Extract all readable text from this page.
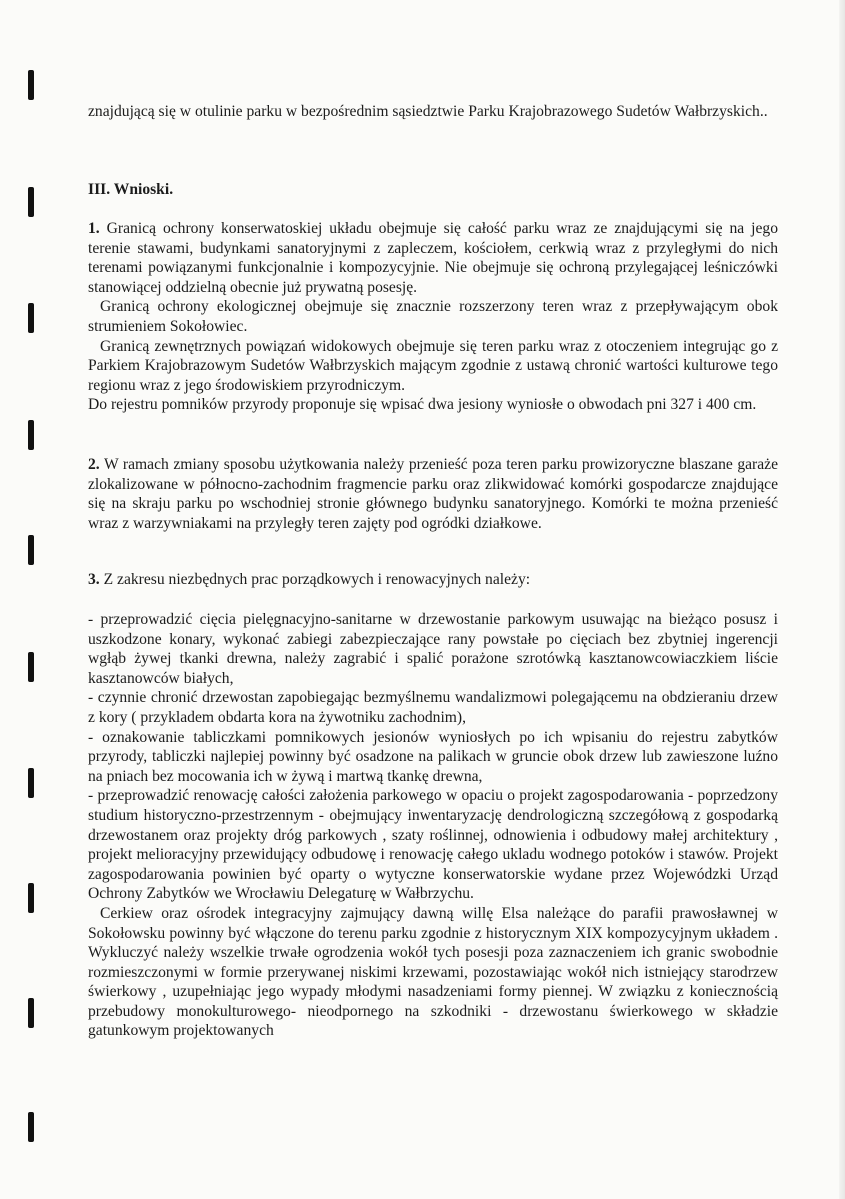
znajdującą się w otulinie parku w bezpośrednim sąsiedztwie Parku Krajobrazowego Sudetów Wałbrzyskich..

III. Wnioski.

1. Granicą ochrony konserwatoskiej układu obejmuje się całość parku wraz ze znajdującymi się na jego terenie stawami, budynkami sanatoryjnymi z zapleczem, kościołem, cerkwią wraz z przyległymi do nich terenami powiązanymi funkcjonalnie i kompozycyjnie. Nie obejmuje się ochroną przylegającej leśniczówki stanowiącej oddzielną obecnie już prywatną posesję.

Granicą ochrony ekologicznej obejmuje się znacznie rozszerzony teren wraz z przepływającym obok strumieniem Sokołowiec.

Granicą zewnętrznych powiązań widokowych obejmuje się teren parku wraz z otoczeniem integrując go z Parkiem Krajobrazowym Sudetów Wałbrzyskich mającym zgodnie z ustawą chronić wartości kulturowe tego regionu wraz z jego środowiskiem przyrodniczym.

Do rejestru pomników przyrody proponuje się wpisać dwa jesiony wyniosłe o obwodach pni 327 i 400 cm.

2. W ramach zmiany sposobu użytkowania należy przenieść poza teren parku prowizoryczne blaszane garaże zlokalizowane w północno-zachodnim fragmencie parku oraz zlikwidować komórki gospodarcze znajdujące się na skraju parku po wschodniej stronie głównego budynku sanatoryjnego. Komórki te można przenieść wraz z warzywniakami na przyległy teren zajęty pod ogródki działkowe.

3. Z zakresu niezbędnych prac porządkowych i renowacyjnych należy:

- przeprowadzić cięcia pielęgnacyjno-sanitarne w drzewostanie parkowym usuwając na bieżąco posusz i uszkodzone konary, wykonać zabiegi zabezpieczające rany powstałe po cięciach bez zbytniej ingerencji wgłąb żywej tkanki drewna, należy zagrabić i spalić porażone szrotówką kasztanowcowiaczkiem liście kasztanowców białych,

- czynnie chronić drzewostan zapobiegając bezmyślnemu wandalizmowi polegającemu na obdzieraniu drzew z kory ( przykladem obdarta kora na żywotniku zachodnim),

- oznakowanie tabliczkami pomnikowych jesionów wyniosłych po ich wpisaniu do rejestru zabytków przyrody, tabliczki najlepiej powinny być osadzone na palikach w gruncie obok drzew lub zawieszone luźno na pniach bez mocowania ich w żywą i martwą tkankę drewna,

- przeprowadzić renowację całości założenia parkowego w opaciu o projekt zagospodarowania - poprzedzony studium historyczno-przestrzennym - obejmujący inwentaryzację dendrologiczną szczegółową z gospodarką drzewostanem oraz projekty dróg parkowych , szaty roślinnej, odnowienia i odbudowy małej architektury , projekt melioracyjny przewidujący odbudowę i renowację całego ukladu wodnego potoków i stawów. Projekt zagospodarowania powinien być oparty o wytyczne konserwatorskie wydane przez Wojewódzki Urząd Ochrony Zabytków we Wrocławiu Delegaturę w Wałbrzychu.

Cerkiew oraz ośrodek integracyjny zajmujący dawną willę Elsa należące do parafii prawosławnej w Sokołowsku powinny być włączone do terenu parku zgodnie z historycznym XIX kompozycyjnym układem . Wykluczyć należy wszelkie trwałe ogrodzenia wokół tych posesji poza zaznaczeniem ich granic swobodnie rozmieszczonymi w formie przerywanej niskimi krzewami, pozostawiając wokół nich istniejący starodrzew świerkowy , uzupełniając jego wypady młodymi nasadzeniami formy piennej. W związku z koniecznością przebudowy monokulturowego- nieodpornego na szkodniki - drzewostanu świerkowego w składzie gatunkowym projektowanych
